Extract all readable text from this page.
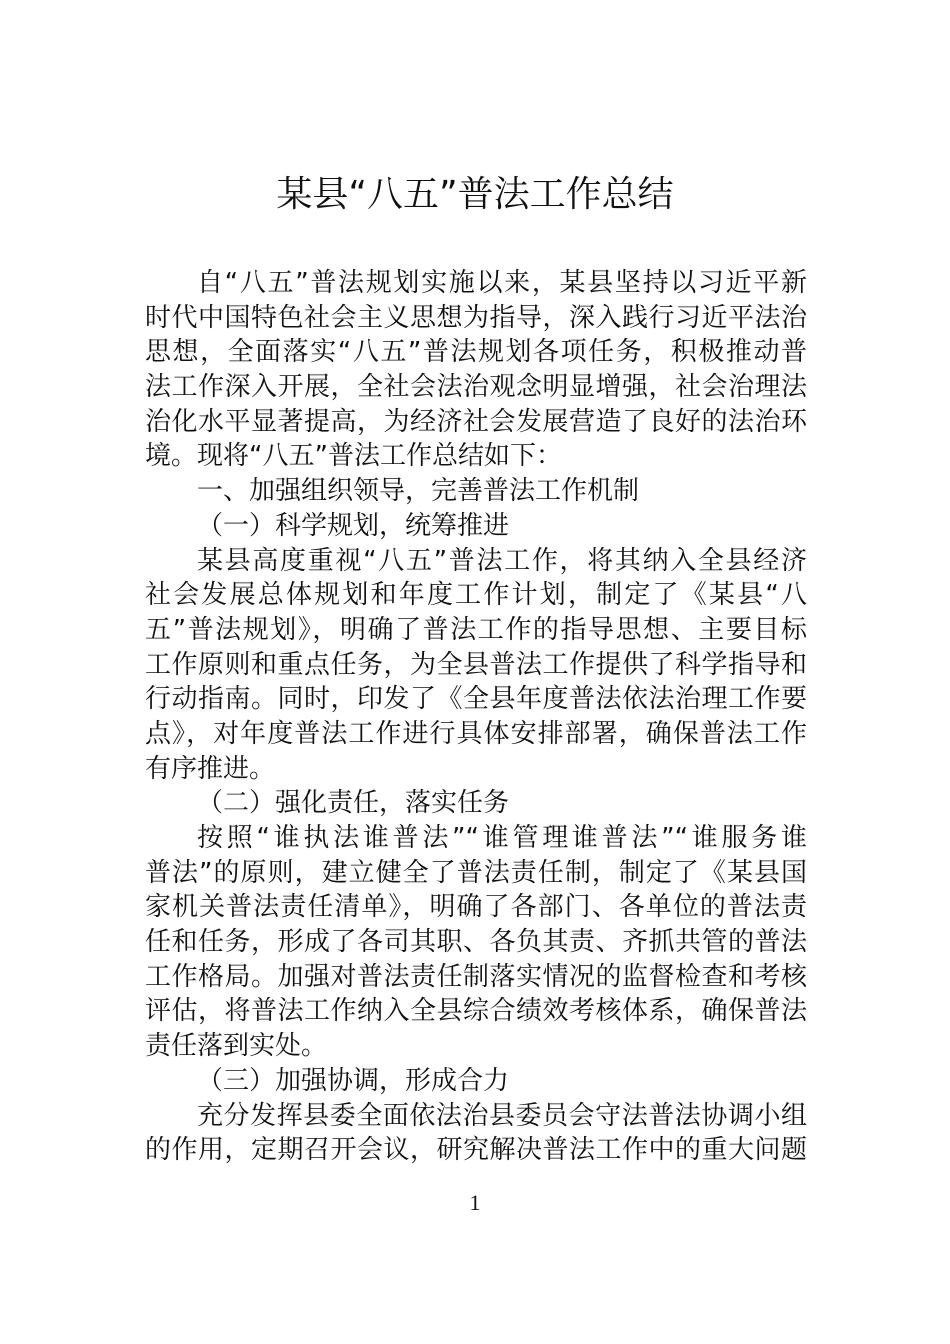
某县“八五”普法工作总结
自“八五”普法规划实施以来，某县坚持以习近平新
时代中国特色社会主义思想为指导，深入践行习近平法治
思想，全面落实“八五”普法规划各项任务，积极推动普
法工作深入开展，全社会法治观念明显增强，社会治理法
治化水平显著提高，为经济社会发展营造了良好的法治环
境。现将“八五”普法工作总结如下：
一、加强组织领导，完善普法工作机制
（一）科学规划，统筹推进
某县高度重视“八五”普法工作，将其纳入全县经济
社会发展总体规划和年度工作计划，制定了《某县“八
五”普法规划》，明确了普法工作的指导思想、主要目标
工作原则和重点任务，为全县普法工作提供了科学指导和
行动指南。同时，印发了《全县年度普法依法治理工作要
点》，对年度普法工作进行具体安排部署，确保普法工作
有序推进。
（二）强化责任，落实任务
按照“谁执法谁普法”“谁管理谁普法”“谁服务谁
普法”的原则，建立健全了普法责任制，制定了《某县国
家机关普法责任清单》，明确了各部门、各单位的普法责
任和任务，形成了各司其职、各负其责、齐抓共管的普法
工作格局。加强对普法责任制落实情况的监督检查和考核
评估，将普法工作纳入全县综合绩效考核体系，确保普法
责任落到实处。
（三）加强协调，形成合力
充分发挥县委全面依法治县委员会守法普法协调小组
的作用，定期召开会议，研究解决普法工作中的重大问题
1
